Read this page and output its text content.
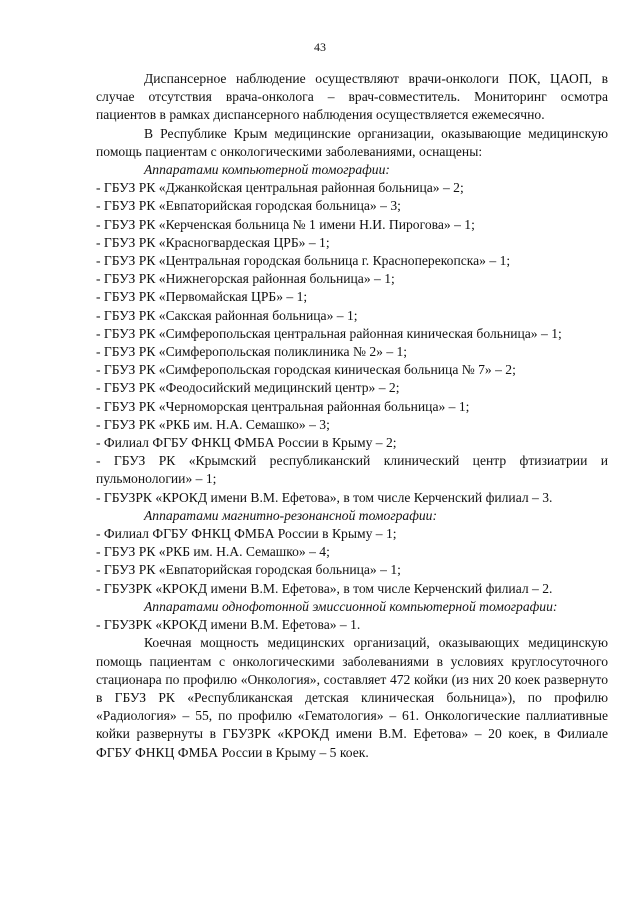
43

Диспансерное наблюдение осуществляют врачи-онкологи ПОК, ЦАОП, в случае отсутствия врача-онколога – врач-совместитель. Мониторинг осмотра пациентов в рамках диспансерного наблюдения осуществляется ежемесячно.

В Республике Крым медицинские организации, оказывающие медицинскую помощь пациентам с онкологическими заболеваниями, оснащены:

Аппаратами компьютерной томографии:

- ГБУЗ РК «Джанкойская центральная районная больница» – 2;

- ГБУЗ РК «Евпаторийская городская больница» – 3;

- ГБУЗ РК «Керченская больница № 1 имени Н.И. Пирогова» – 1;

- ГБУЗ РК «Красногвардеская ЦРБ» – 1;

- ГБУЗ РК «Центральная городская больница г. Красноперекопска» – 1;

- ГБУЗ РК «Нижнегорская районная больница» – 1;

- ГБУЗ РК «Первомайская ЦРБ» – 1;

- ГБУЗ РК «Сакская районная больница» – 1;

- ГБУЗ РК «Симферопольская центральная районная киническая больница» – 1;

- ГБУЗ РК «Симферопольская поликлиника № 2» – 1;

- ГБУЗ РК «Симферопольская городская киническая больница № 7» – 2;

- ГБУЗ РК «Феодосийский медицинский центр» – 2;

- ГБУЗ РК «Черноморская центральная районная больница» – 1;

- ГБУЗ РК «РКБ им. Н.А. Семашко» – 3;

- Филиал ФГБУ ФНКЦ ФМБА России в Крыму – 2;

- ГБУЗ РК «Крымский республиканский клинический центр фтизиатрии и пульмонологии» – 1;

- ГБУЗРК «КРОКД имени В.М. Ефетова», в том числе Керченский филиал – 3.

Аппаратами магнитно-резонансной томографии:

- Филиал ФГБУ ФНКЦ ФМБА России в Крыму – 1;

- ГБУЗ РК «РКБ им. Н.А. Семашко» – 4;

- ГБУЗ РК «Евпаторийская городская больница» – 1;

- ГБУЗРК «КРОКД имени В.М. Ефетова», в том числе Керченский филиал – 2.

Аппаратами однофотонной эмиссионной компьютерной томографии:

- ГБУЗРК «КРОКД имени В.М. Ефетова» – 1.

Коечная мощность медицинских организаций, оказывающих медицинскую помощь пациентам с онкологическими заболеваниями в условиях круглосуточного стационара по профилю «Онкология», составляет 472 койки (из них 20 коек развернуто в ГБУЗ РК «Республиканская детская клиническая больница»), по профилю «Радиология» – 55, по профилю «Гематология» – 61. Онкологические паллиативные койки развернуты в ГБУЗРК «КРОКД имени В.М. Ефетова» – 20 коек, в Филиале ФГБУ ФНКЦ ФМБА России в Крыму – 5 коек.
